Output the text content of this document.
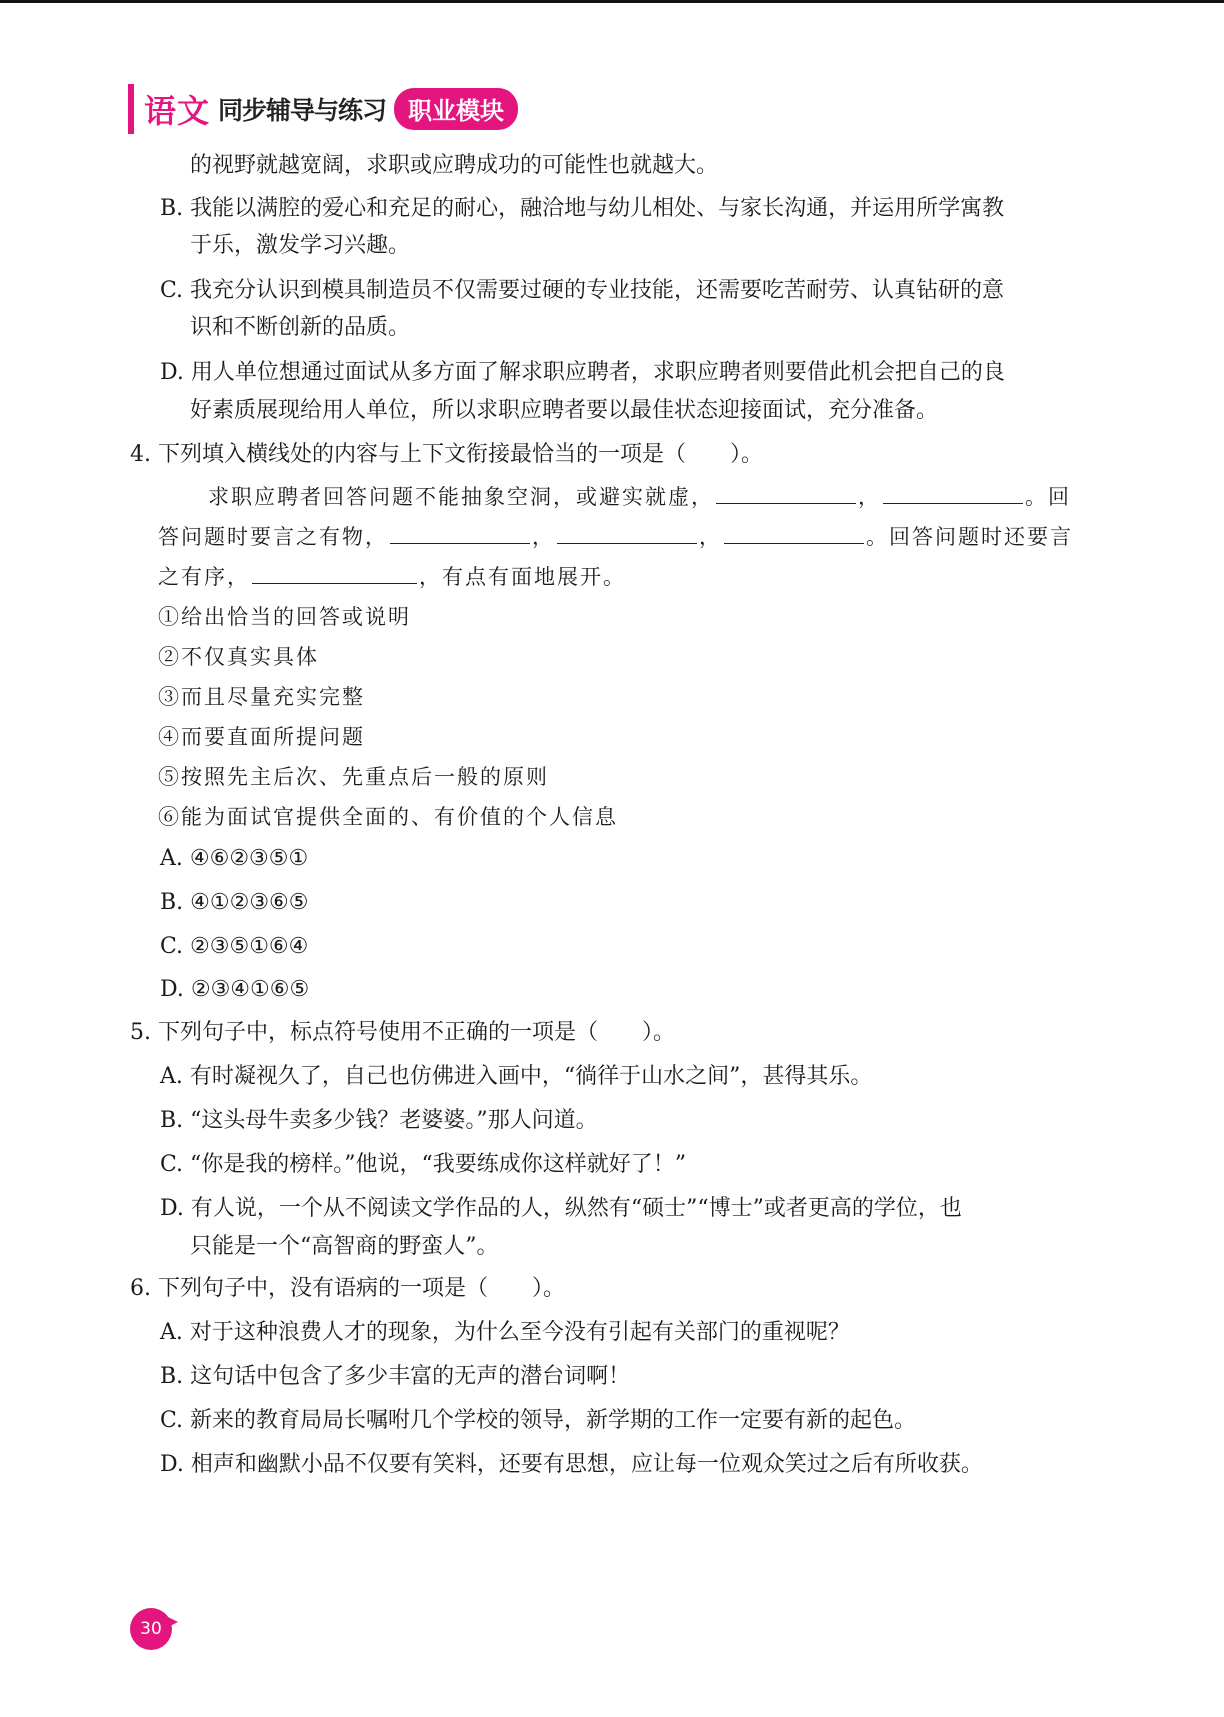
语文 同步辅导与练习 职业模块
的视野就越宽阔，求职或应聘成功的可能性也就越大。
B. 我能以满腔的爱心和充足的耐心，融洽地与幼儿相处、与家长沟通，并运用所学寓教
于乐，激发学习兴趣。
C. 我充分认识到模具制造员不仅需要过硬的专业技能，还需要吃苦耐劳、认真钻研的意
识和不断创新的品质。
D. 用人单位想通过面试从多方面了解求职应聘者，求职应聘者则要借此机会把自己的良
好素质展现给用人单位，所以求职应聘者要以最佳状态迎接面试，充分准备。
4. 下列填入横线处的内容与上下文衔接最恰当的一项是（　　）。
求职应聘者回答问题不能抽象空洞，或避实就虚，	，	。回
答问题时要言之有物，	，	，	。回答问题时还要言
之有序，	，有点有面地展开。
①给出恰当的回答或说明
②不仅真实具体
③而且尽量充实完整
④而要直面所提问题
⑤按照先主后次、先重点后一般的原则
⑥能为面试官提供全面的、有价值的个人信息
A. ④⑥②③⑤①
B. ④①②③⑥⑤
C. ②③⑤①⑥④
D. ②③④①⑥⑤
5. 下列句子中，标点符号使用不正确的一项是（　　）。
A. 有时凝视久了，自己也仿佛进入画中，“徜徉于山水之间”，甚得其乐。
B. “这头母牛卖多少钱？老婆婆。”那人问道。
C. “你是我的榜样。”他说，“我要练成你这样就好了！”
D. 有人说，一个从不阅读文学作品的人，纵然有“硕士”“博士”或者更高的学位，也
只能是一个“高智商的野蛮人”。
6. 下列句子中，没有语病的一项是（　　）。
A. 对于这种浪费人才的现象，为什么至今没有引起有关部门的重视呢？
B. 这句话中包含了多少丰富的无声的潜台词啊！
C. 新来的教育局局长嘱咐几个学校的领导，新学期的工作一定要有新的起色。
D. 相声和幽默小品不仅要有笑料，还要有思想，应让每一位观众笑过之后有所收获。
30
